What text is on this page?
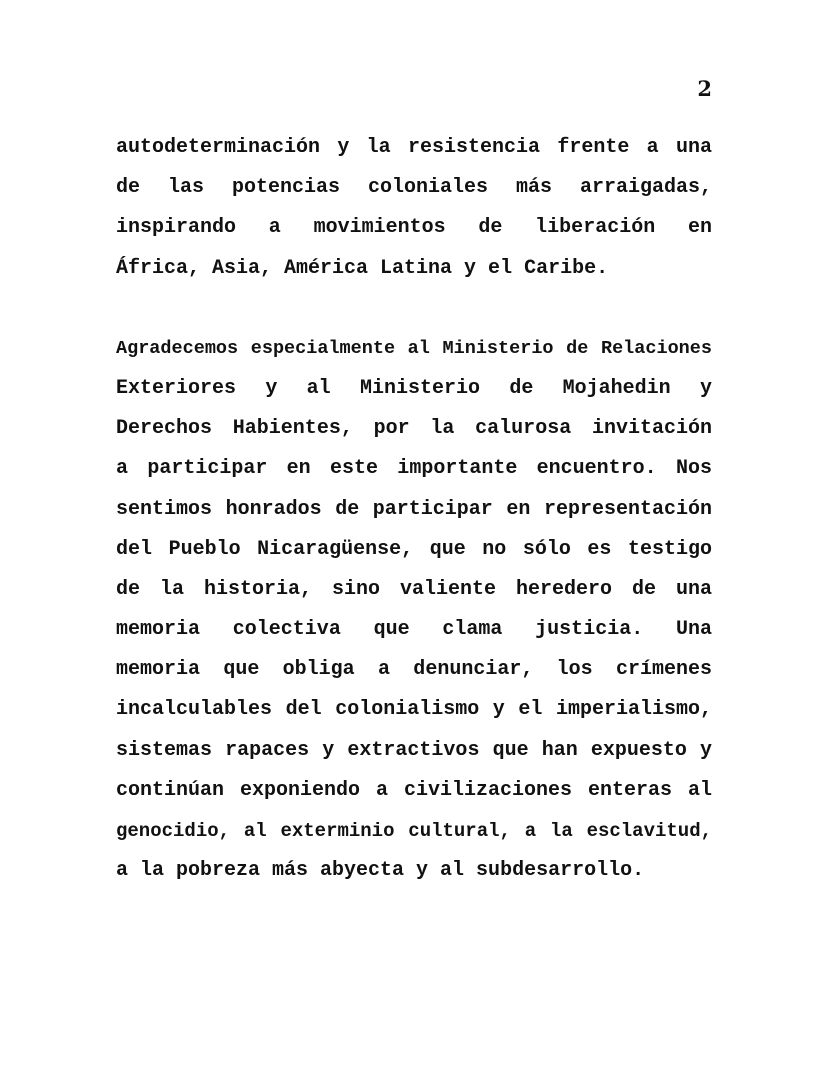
2

autodeterminación y la resistencia frente a una
de las potencias coloniales más arraigadas,
inspirando a movimientos de liberación en
África, Asia, América Latina y el Caribe.

Agradecemos especialmente al Ministerio de Relaciones
Exteriores y al Ministerio de Mojahedin y
Derechos Habientes, por la calurosa invitación
a participar en este importante encuentro. Nos
sentimos honrados de participar en representación
del Pueblo Nicaragüense, que no sólo es testigo
de la historia, sino valiente heredero de una
memoria colectiva que clama justicia. Una
memoria que obliga a denunciar, los crímenes
incalculables del colonialismo y el imperialismo,
sistemas rapaces y extractivos que han expuesto y
continúan exponiendo a civilizaciones enteras al
genocidio, al exterminio cultural, a la esclavitud,
a la pobreza más abyecta y al subdesarrollo.
